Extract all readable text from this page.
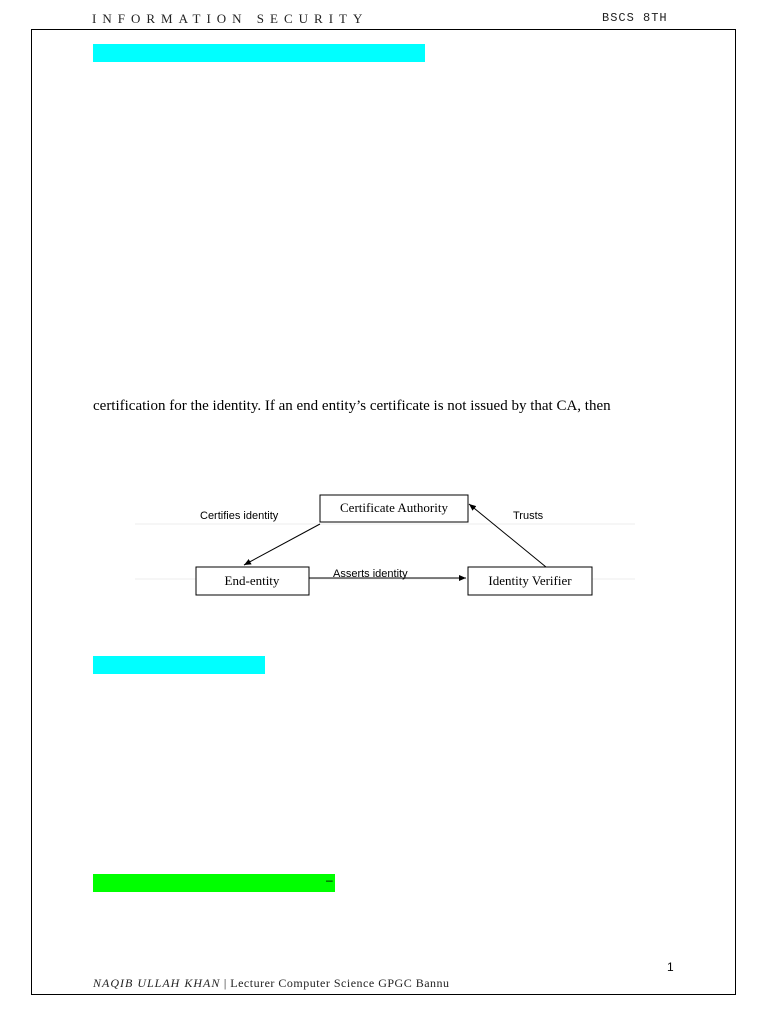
INFORMATION SECURITY	BSCS 8TH
certification for the identity. If an end entity’s certificate is not issued by that CA, then
Certificate Authority
End-entity	Identity Verifier
Certifies identity
Asserts identity
Trusts
–
1
NAQIB ULLAH KHAN | Lecturer Computer Science GPGC Bannu
